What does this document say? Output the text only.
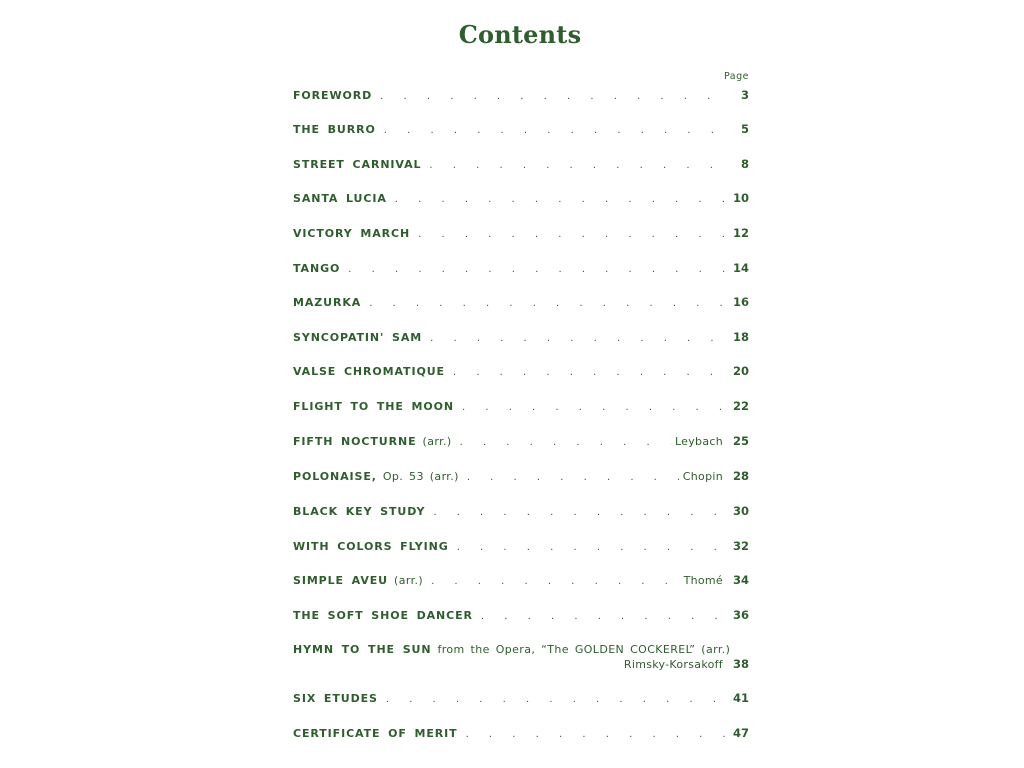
Contents
Page
FOREWORD . . .	3
THE BURRO . . .	5
STREET CARNIVAL . . .	8
SANTA LUCIA . . .	10
VICTORY MARCH . . .	12
TANGO . . .	14
MAZURKA . . .	16
SYNCOPATIN' SAM . . .	18
VALSE CHROMATIQUE . . .	20
FLIGHT TO THE MOON . . .	22
FIFTH NOCTURNE (arr.) . . .	Leybach 25
POLONAISE, Op. 53 (arr.) . . .	Chopin 28
BLACK KEY STUDY . . .	30
WITH COLORS FLYING . . .	32
SIMPLE AVEU (arr.) . . .	Thomé 34
THE SOFT SHOE DANCER . . .	36
HYMN TO THE SUN from the Opera, “The GOLDEN COCKEREL” (arr.)
Rimsky-Korsakoff 38
SIX ETUDES . . .	41
CERTIFICATE OF MERIT . . .	47
